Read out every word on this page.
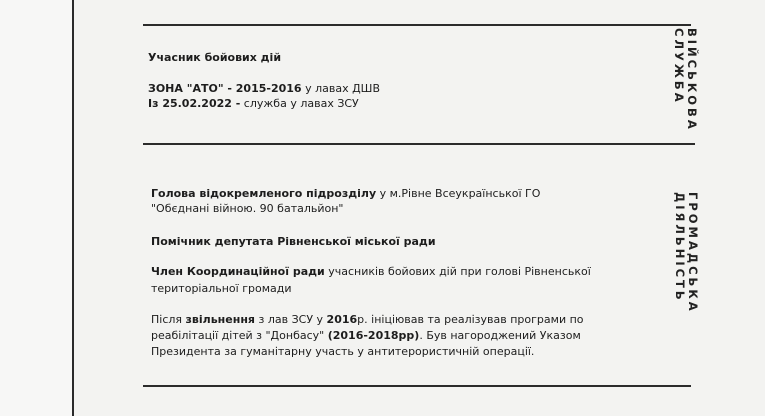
Учасник бойових дій
ЗОНА "АТО" - 2015-2016 у лавах ДШВ
Із 25.02.2022 - служба у лавах ЗСУ	ВІЙСЬКОВА
СЛУЖБА
Голова відокремленого підрозділу у м.Рівне Всеукраїнської ГО
"Обєднані війною. 90 батальйон"
Помічник депутата Рівненської міської ради
Член Координаційної ради учасників бойових дій при голові Рівненської
територіальної громади
Після звільнення з лав ЗСУ у 2016р. ініціював та реалізував програми по
реабілітації дітей з "Донбасу" (2016-2018рр). Був нагороджений Указом
Президента за гуманітарну участь у антитерористичній операції.
ГРОМАДСЬКА
ДІЯЛЬНІСТЬ
